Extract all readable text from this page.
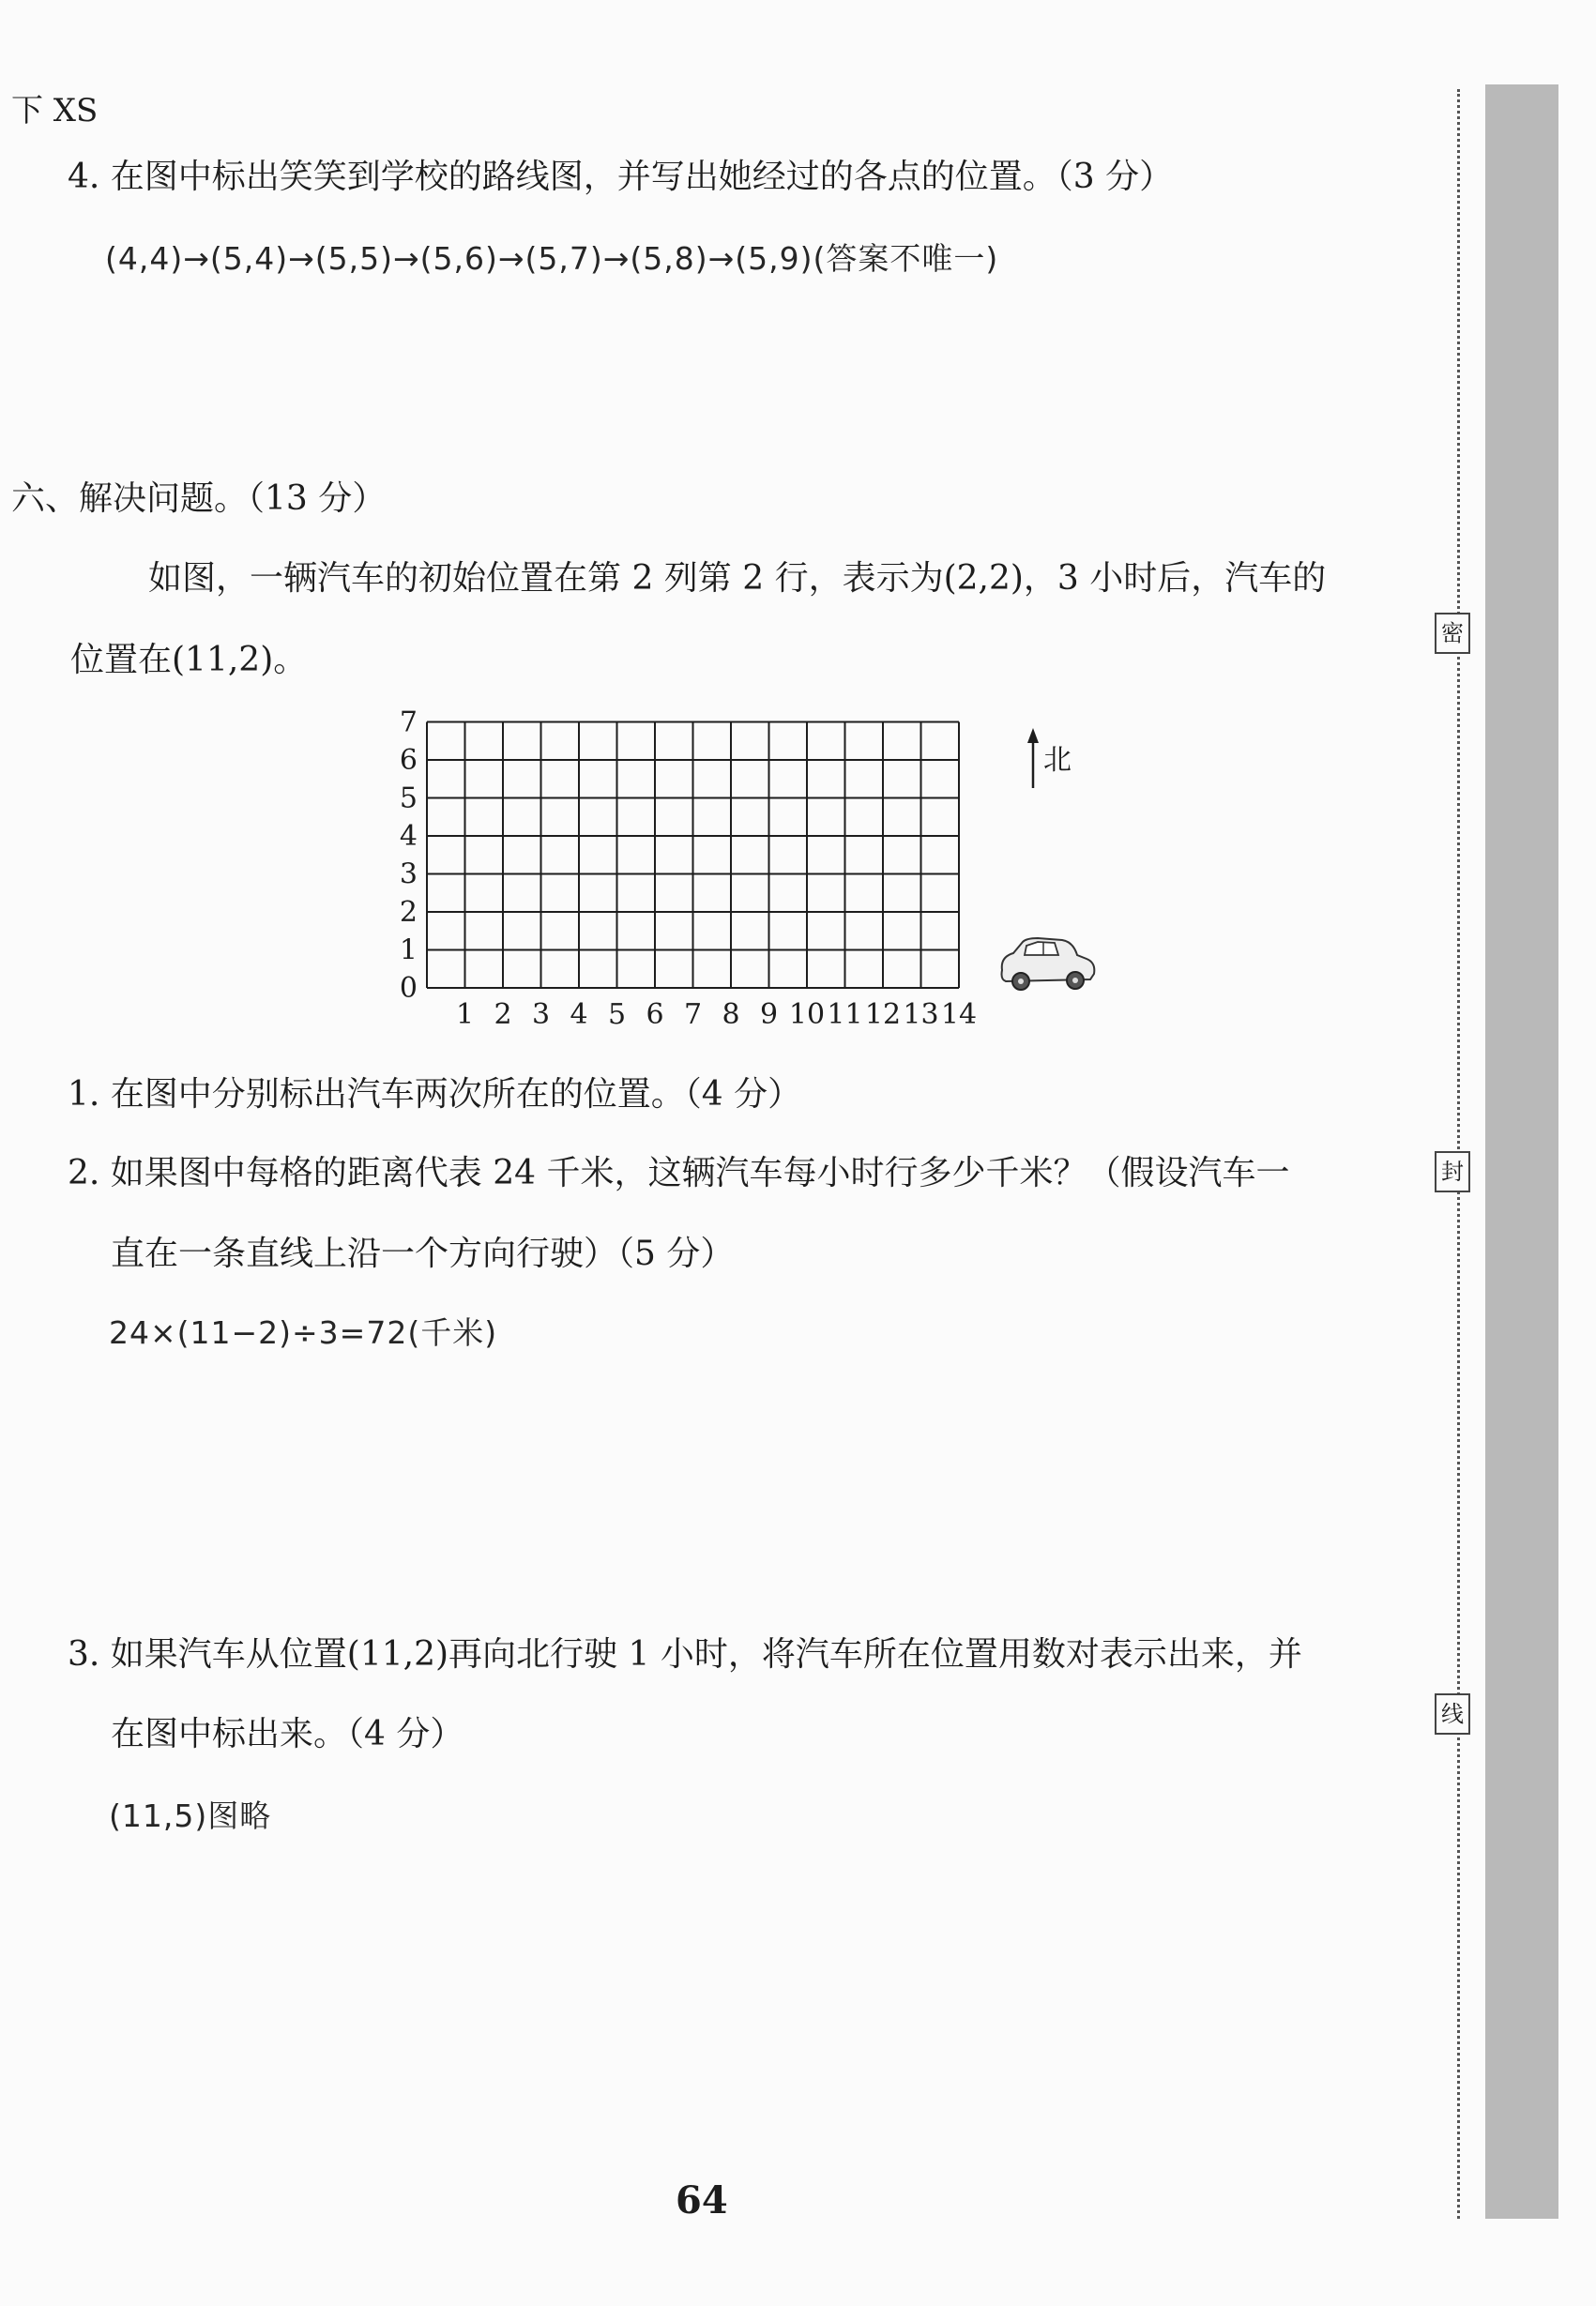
密
封
线
下 XS
4. 在图中标出笑笑到学校的路线图，并写出她经过的各点的位置。（3 分）
(4,4)→(5,4)→(5,5)→(5,6)→(5,7)→(5,8)→(5,9)(答案不唯一)
六、解决问题。（13 分）
如图，一辆汽车的初始位置在第 2 列第 2 行，表示为(2,2)，3 小时后，汽车的
位置在(11,2)。
1 2 3 4 5 6 7 8 9 10 11 12 13 14
0
1
2
3
4
5
6
7
北
1. 在图中分别标出汽车两次所在的位置。（4 分）
2. 如果图中每格的距离代表 24 千米，这辆汽车每小时行多少千米？（假设汽车一
直在一条直线上沿一个方向行驶）（5 分）
24×(11−2)÷3=72(千米)
3. 如果汽车从位置(11,2)再向北行驶 1 小时，将汽车所在位置用数对表示出来，并
在图中标出来。（4 分）
(11,5)图略
64
